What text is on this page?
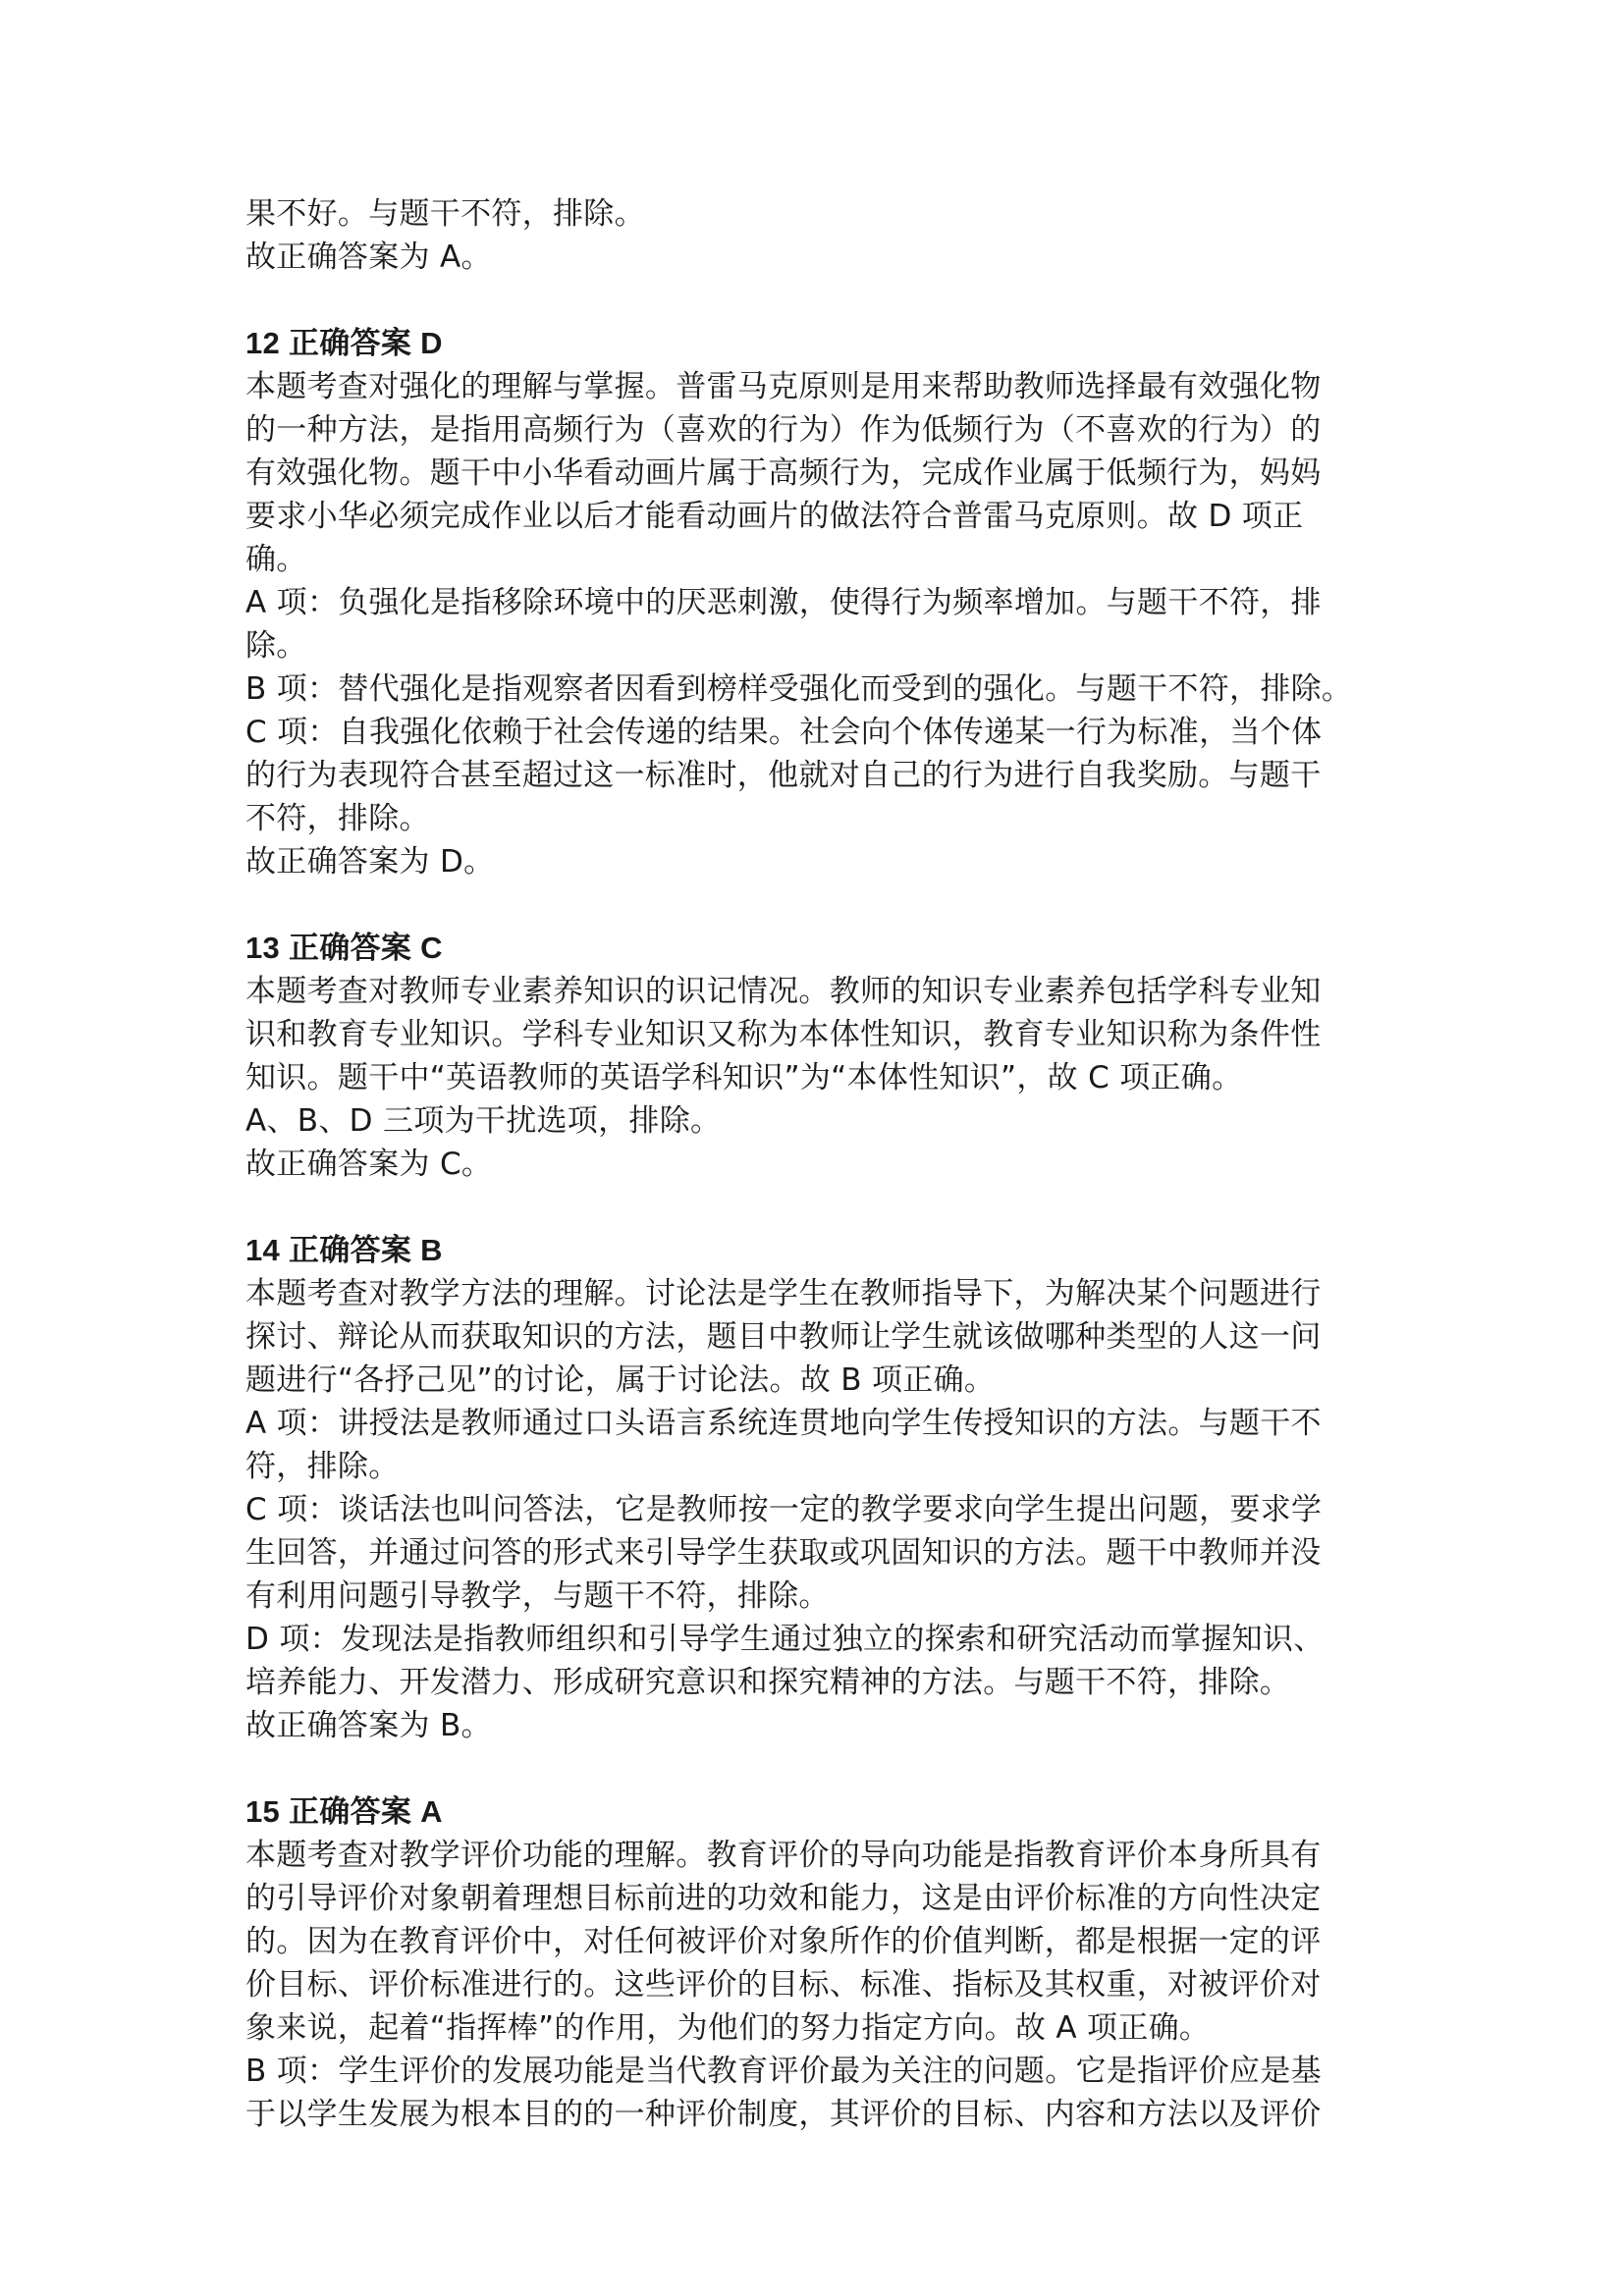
果不好。与题干不符，排除。
故正确答案为 A。
12 正确答案 D
本题考查对强化的理解与掌握。普雷马克原则是用来帮助教师选择最有效强化物
的一种方法，是指用高频行为（喜欢的行为）作为低频行为（不喜欢的行为）的
有效强化物。题干中小华看动画片属于高频行为，完成作业属于低频行为，妈妈
要求小华必须完成作业以后才能看动画片的做法符合普雷马克原则。故 D 项正
确。
A 项：负强化是指移除环境中的厌恶刺激，使得行为频率增加。与题干不符，排
除。
B 项：替代强化是指观察者因看到榜样受强化而受到的强化。与题干不符，排除。
C 项：自我强化依赖于社会传递的结果。社会向个体传递某一行为标准，当个体
的行为表现符合甚至超过这一标准时，他就对自己的行为进行自我奖励。与题干
不符，排除。
故正确答案为 D。
13 正确答案 C
本题考查对教师专业素养知识的识记情况。教师的知识专业素养包括学科专业知
识和教育专业知识。学科专业知识又称为本体性知识，教育专业知识称为条件性
知识。题干中“英语教师的英语学科知识”为“本体性知识”，故 C 项正确。
A、B、D 三项为干扰选项，排除。
故正确答案为 C。
14 正确答案 B
本题考查对教学方法的理解。讨论法是学生在教师指导下，为解决某个问题进行
探讨、辩论从而获取知识的方法，题目中教师让学生就该做哪种类型的人这一问
题进行“各抒己见”的讨论，属于讨论法。故 B 项正确。
A 项：讲授法是教师通过口头语言系统连贯地向学生传授知识的方法。与题干不
符，排除。
C 项：谈话法也叫问答法，它是教师按一定的教学要求向学生提出问题，要求学
生回答，并通过问答的形式来引导学生获取或巩固知识的方法。题干中教师并没
有利用问题引导教学，与题干不符，排除。
D 项：发现法是指教师组织和引导学生通过独立的探索和研究活动而掌握知识、
培养能力、开发潜力、形成研究意识和探究精神的方法。与题干不符，排除。
故正确答案为 B。
15 正确答案 A
本题考查对教学评价功能的理解。教育评价的导向功能是指教育评价本身所具有
的引导评价对象朝着理想目标前进的功效和能力，这是由评价标准的方向性决定
的。因为在教育评价中，对任何被评价对象所作的价值判断，都是根据一定的评
价目标、评价标准进行的。这些评价的目标、标准、指标及其权重，对被评价对
象来说，起着“指挥棒”的作用，为他们的努力指定方向。故 A 项正确。
B 项：学生评价的发展功能是当代教育评价最为关注的问题。它是指评价应是基
于以学生发展为根本目的的一种评价制度，其评价的目标、内容和方法以及评价
